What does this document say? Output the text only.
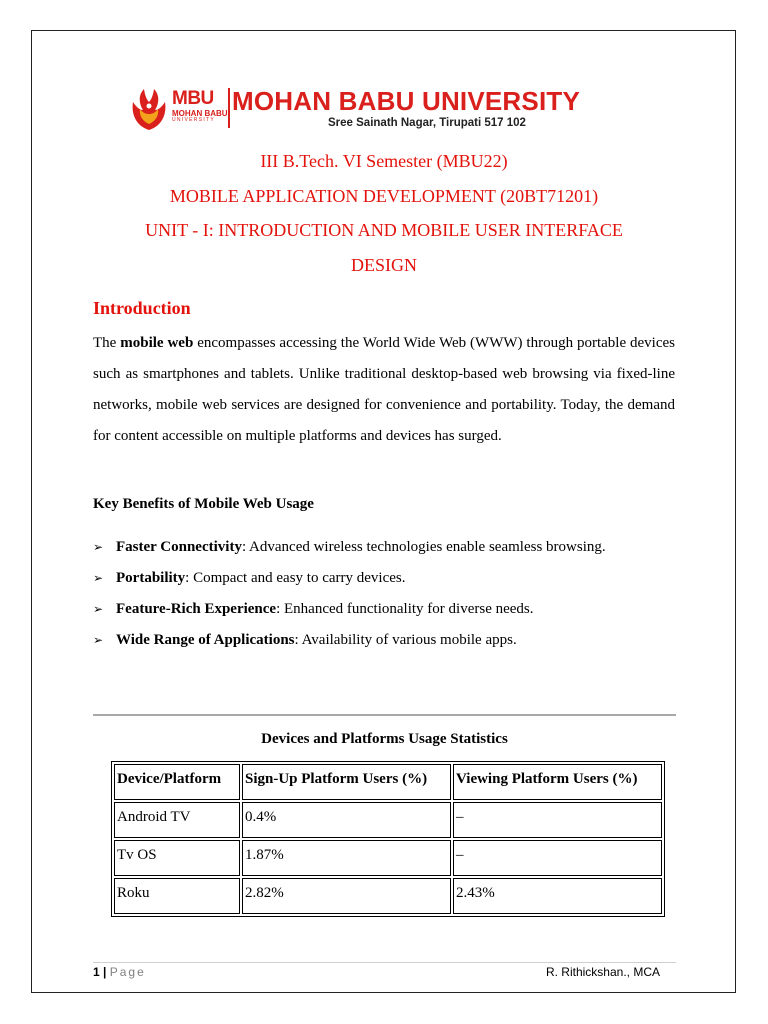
MBU
MOHAN BABU
UNIVERSITY
MOHAN BABU UNIVERSITY
Sree Sainath Nagar, Tirupati 517 102
III B.Tech. VI Semester (MBU22)
MOBILE APPLICATION DEVELOPMENT (20BT71201)
UNIT - I: INTRODUCTION AND MOBILE USER INTERFACE
DESIGN
Introduction

The mobile web encompasses accessing the World Wide Web (WWW) through portable devices such as smartphones and tablets. Unlike traditional desktop-based web browsing via fixed-line networks, mobile web services are designed for convenience and portability. Today, the demand for content accessible on multiple platforms and devices has surged.

Key Benefits of Mobile Web Usage
➢ Faster Connectivity: Advanced wireless technologies enable seamless browsing.
➢ Portability: Compact and easy to carry devices.
➢ Feature-Rich Experience: Enhanced functionality for diverse needs.
➢ Wide Range of Applications: Availability of various mobile apps.
Devices and Platforms Usage Statistics
Device/Platform	Sign-Up Platform Users (%)	Viewing Platform Users (%)
Android TV	0.4%	–
Tv OS	1.87%	–
Roku	2.82%	2.43%
1 | Page	R. Rithickshan., MCA
